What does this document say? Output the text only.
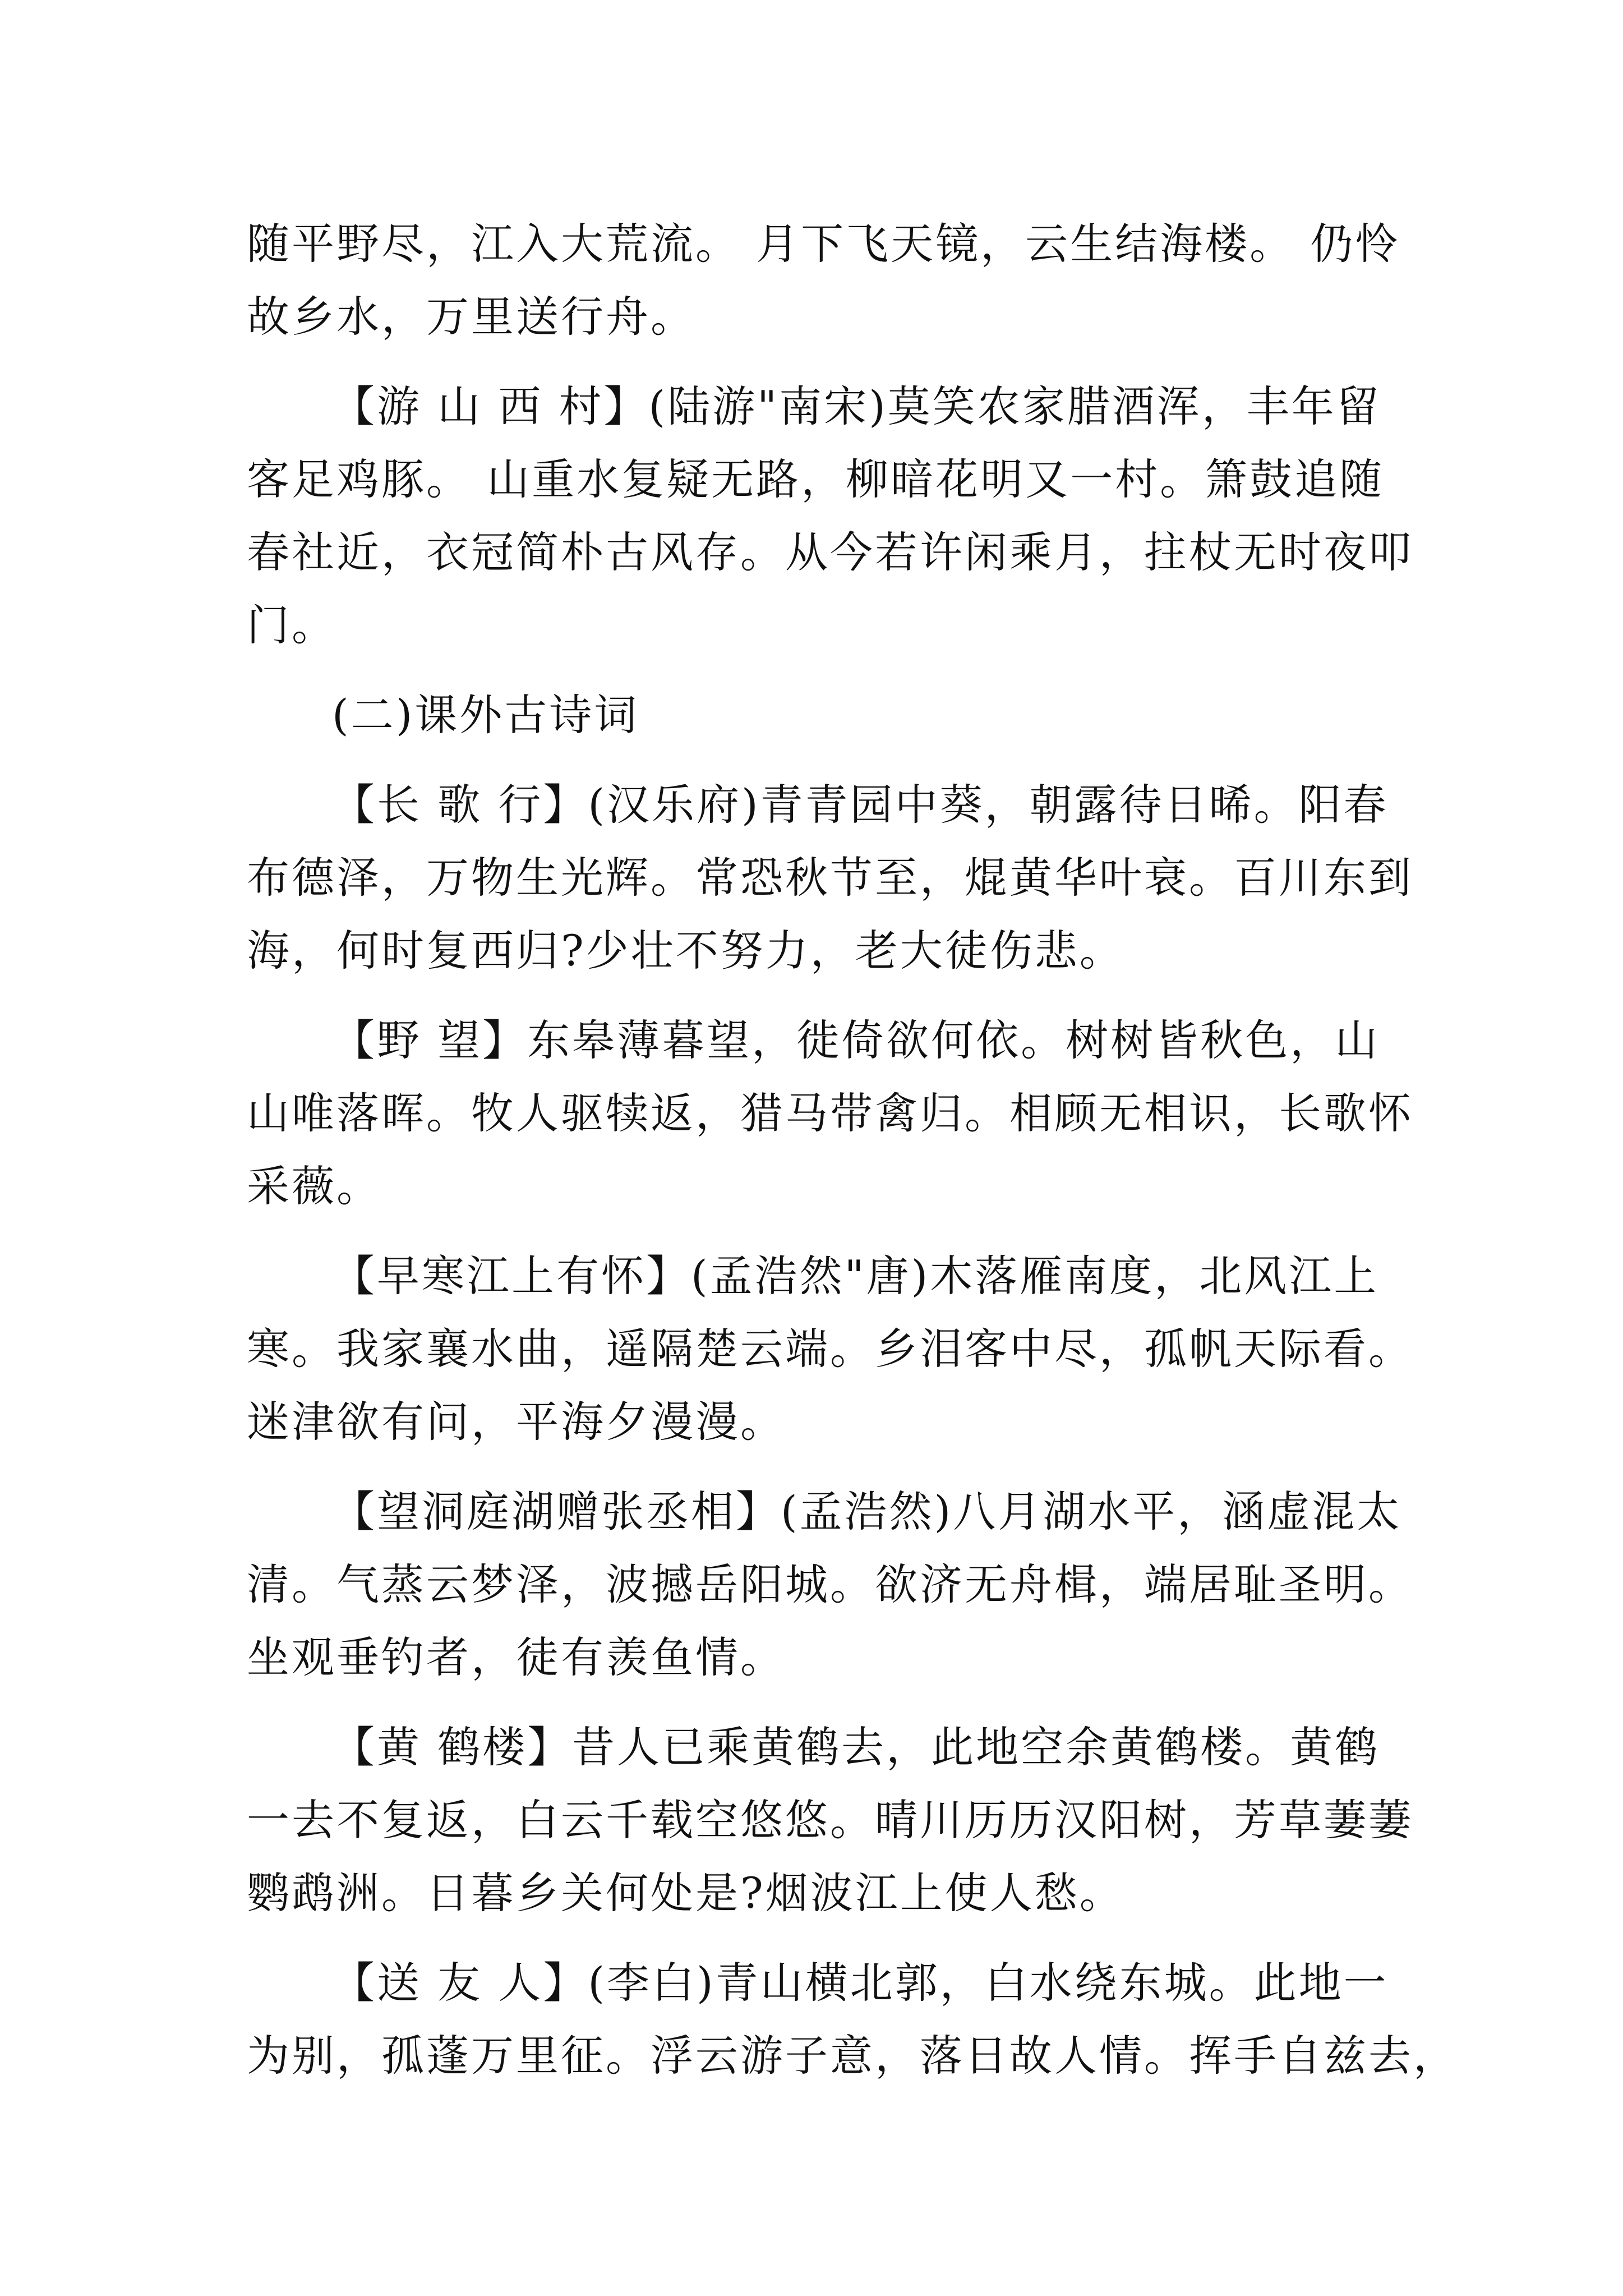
随平野尽，江入大荒流。 月下飞天镜，云生结海楼。 仍怜
故乡水，万里送行舟。
【游 山 西 村】(陆游"南宋)莫笑农家腊酒浑，丰年留
客足鸡豚。 山重水复疑无路，柳暗花明又一村。箫鼓追随
春社近，衣冠简朴古风存。从今若许闲乘月，拄杖无时夜叩
门。
(二)课外古诗词
【长 歌 行】(汉乐府)青青园中葵，朝露待日晞。阳春
布德泽，万物生光辉。常恐秋节至，焜黄华叶衰。百川东到
海，何时复西归?少壮不努力，老大徒伤悲。
【野 望】东皋薄暮望，徙倚欲何依。树树皆秋色，山
山唯落晖。牧人驱犊返，猎马带禽归。相顾无相识，长歌怀
采薇。
【早寒江上有怀】(孟浩然"唐)木落雁南度，北风江上
寒。我家襄水曲，遥隔楚云端。乡泪客中尽，孤帆天际看。
迷津欲有问，平海夕漫漫。
【望洞庭湖赠张丞相】(孟浩然)八月湖水平，涵虚混太
清。气蒸云梦泽，波撼岳阳城。欲济无舟楫，端居耻圣明。
坐观垂钓者，徒有羡鱼情。
【黄 鹤楼】昔人已乘黄鹤去，此地空余黄鹤楼。黄鹤
一去不复返，白云千载空悠悠。晴川历历汉阳树，芳草萋萋
鹦鹉洲。日暮乡关何处是?烟波江上使人愁。
【送 友 人】(李白)青山横北郭，白水绕东城。此地一
为别，孤蓬万里征。浮云游子意，落日故人情。挥手自兹去，
